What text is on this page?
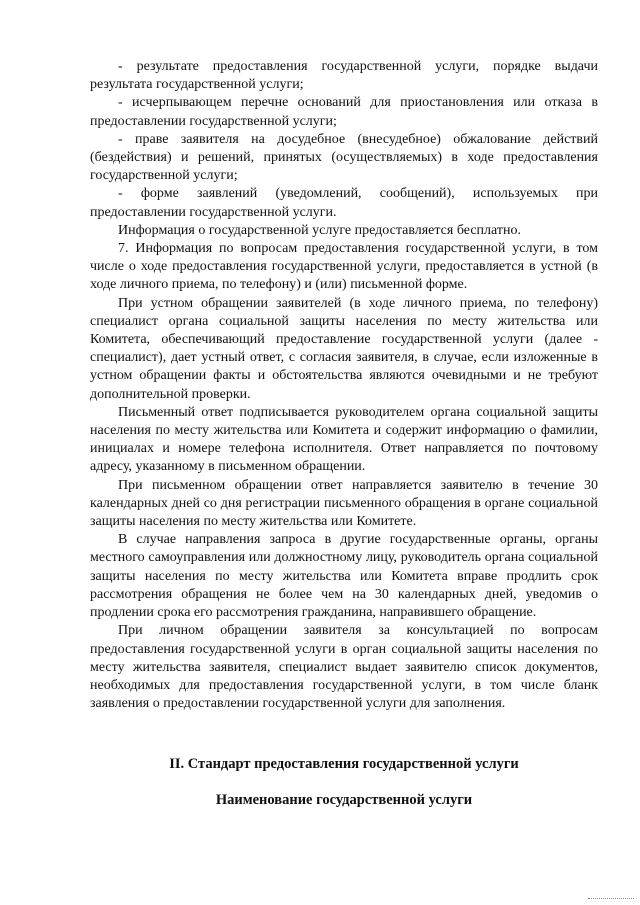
- результате предоставления государственной услуги, порядке выдачи результата государственной услуги;

- исчерпывающем перечне оснований для приостановления или отказа в предоставлении государственной услуги;

- праве заявителя на досудебное (внесудебное) обжалование действий (бездействия) и решений, принятых (осуществляемых) в ходе предоставления государственной услуги;

- форме заявлений (уведомлений, сообщений), используемых при предоставлении государственной услуги.

Информация о государственной услуге предоставляется бесплатно.

7. Информация по вопросам предоставления государственной услуги, в том числе о ходе предоставления государственной услуги, предоставляется в устной (в ходе личного приема, по телефону) и (или) письменной форме.

При устном обращении заявителей (в ходе личного приема, по телефону) специалист органа социальной защиты населения по месту жительства или Комитета, обеспечивающий предоставление государственной услуги (далее - специалист), дает устный ответ, с согласия заявителя, в случае, если изложенные в устном обращении факты и обстоятельства являются очевидными и не требуют дополнительной проверки.

Письменный ответ подписывается руководителем органа социальной защиты населения по месту жительства или Комитета и содержит информацию о фамилии, инициалах и номере телефона исполнителя. Ответ направляется по почтовому адресу, указанному в письменном обращении.

При письменном обращении ответ направляется заявителю в течение 30 календарных дней со дня регистрации письменного обращения в органе социальной защиты населения по месту жительства или Комитете.

В случае направления запроса в другие государственные органы, органы местного самоуправления или должностному лицу, руководитель органа социальной защиты населения по месту жительства или Комитета вправе продлить срок рассмотрения обращения не более чем на 30 календарных дней, уведомив о продлении срока его рассмотрения гражданина, направившего обращение.

При личном обращении заявителя за консультацией по вопросам предоставления государственной услуги в орган социальной защиты населения по месту жительства заявителя, специалист выдает заявителю список документов, необходимых для предоставления государственной услуги, в том числе бланк заявления о предоставлении государственной услуги для заполнения.

II. Стандарт предоставления государственной услуги
Наименование государственной услуги
